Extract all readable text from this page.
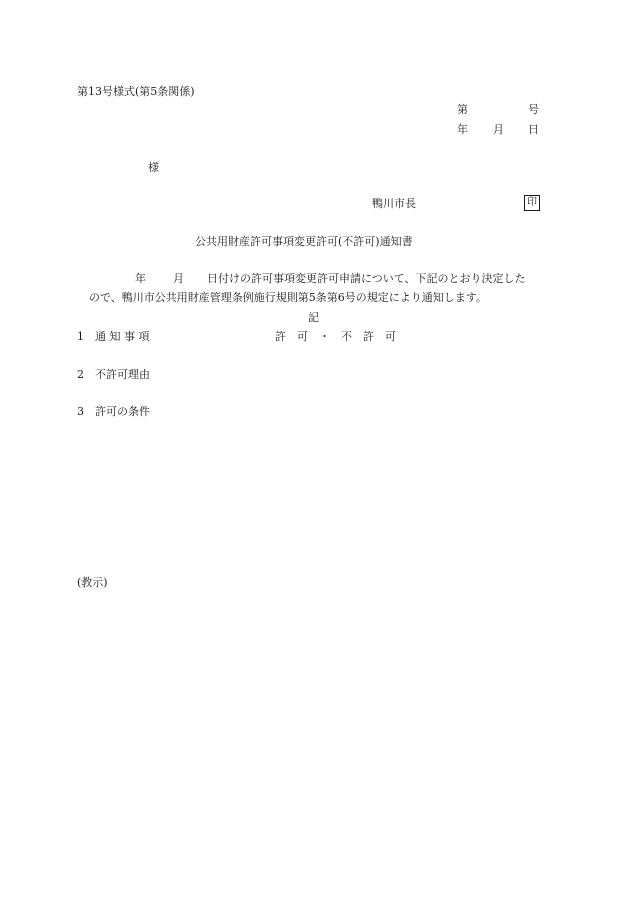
第13号様式(第5条関係)
第	号
年 月 日
様
鴨川市長	印
公共用財産許可事項変更許可(不許可)通知書
年 月 日付けの許可事項変更許可申請について、下記のとおり決定した
ので、鴨川市公共用財産管理条例施行規則第5条第6号の規定により通知します。
記
1　通 知 事 項	許　可　・　不　許　可
2　不許可理由
3　許可の条件
(教示)
